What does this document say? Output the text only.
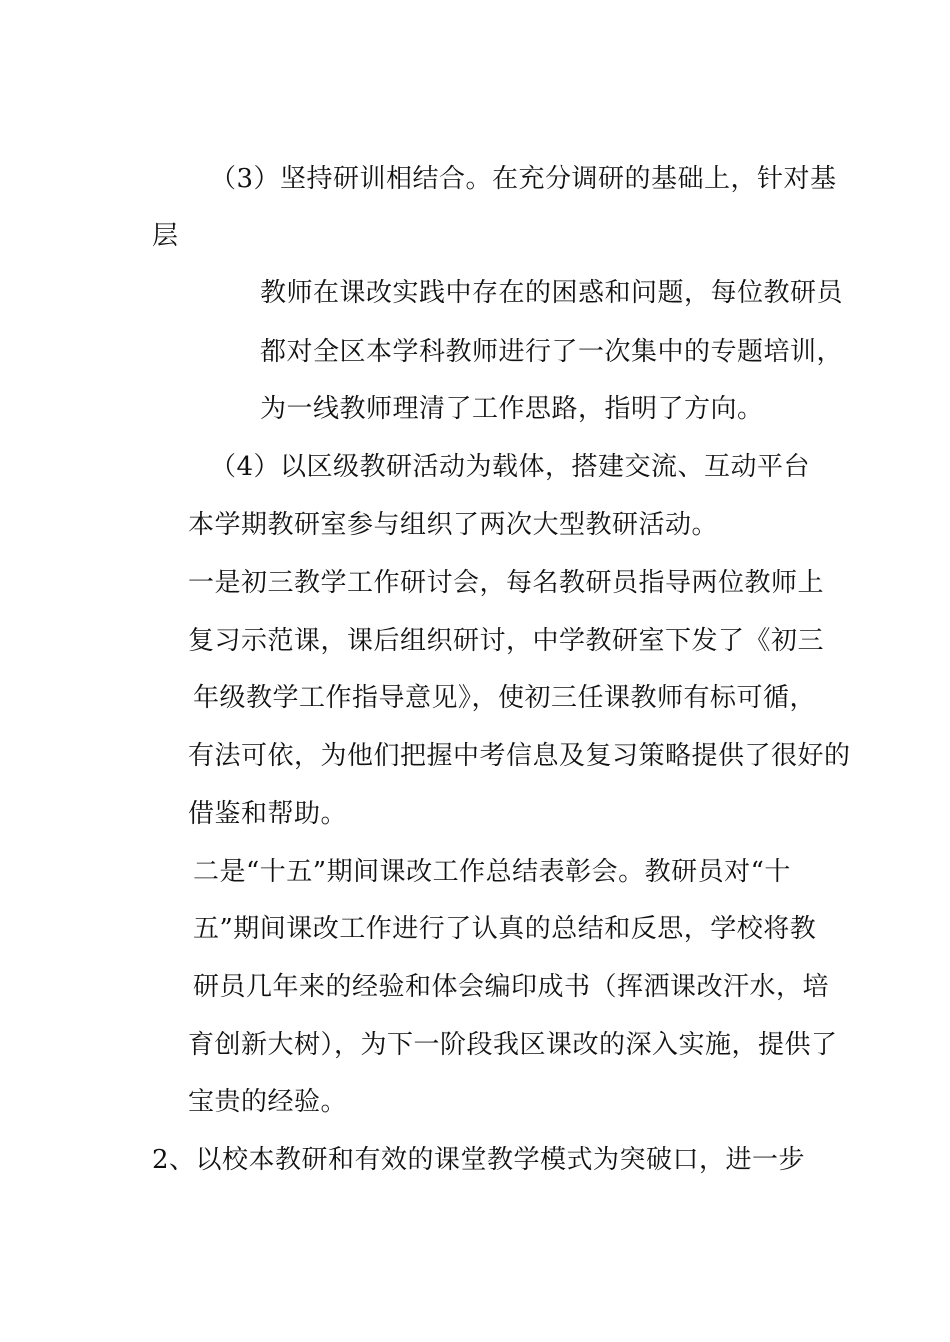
（3）坚持研训相结合。在充分调研的基础上，针对基
层
教师在课改实践中存在的困惑和问题，每位教研员
都对全区本学科教师进行了一次集中的专题培训，
为一线教师理清了工作思路，指明了方向。
（4）以区级教研活动为载体，搭建交流、互动平台
本学期教研室参与组织了两次大型教研活动。
一是初三教学工作研讨会，每名教研员指导两位教师上
复习示范课，课后组织研讨，中学教研室下发了《初三
年级教学工作指导意见》，使初三任课教师有标可循，
有法可依，为他们把握中考信息及复习策略提供了很好的
借鉴和帮助。
二是“十五”期间课改工作总结表彰会。教研员对“十
五”期间课改工作进行了认真的总结和反思，学校将教
研员几年来的经验和体会编印成书（挥洒课改汗水，培
育创新大树），为下一阶段我区课改的深入实施，提供了
宝贵的经验。
2、以校本教研和有效的课堂教学模式为突破口，进一步
